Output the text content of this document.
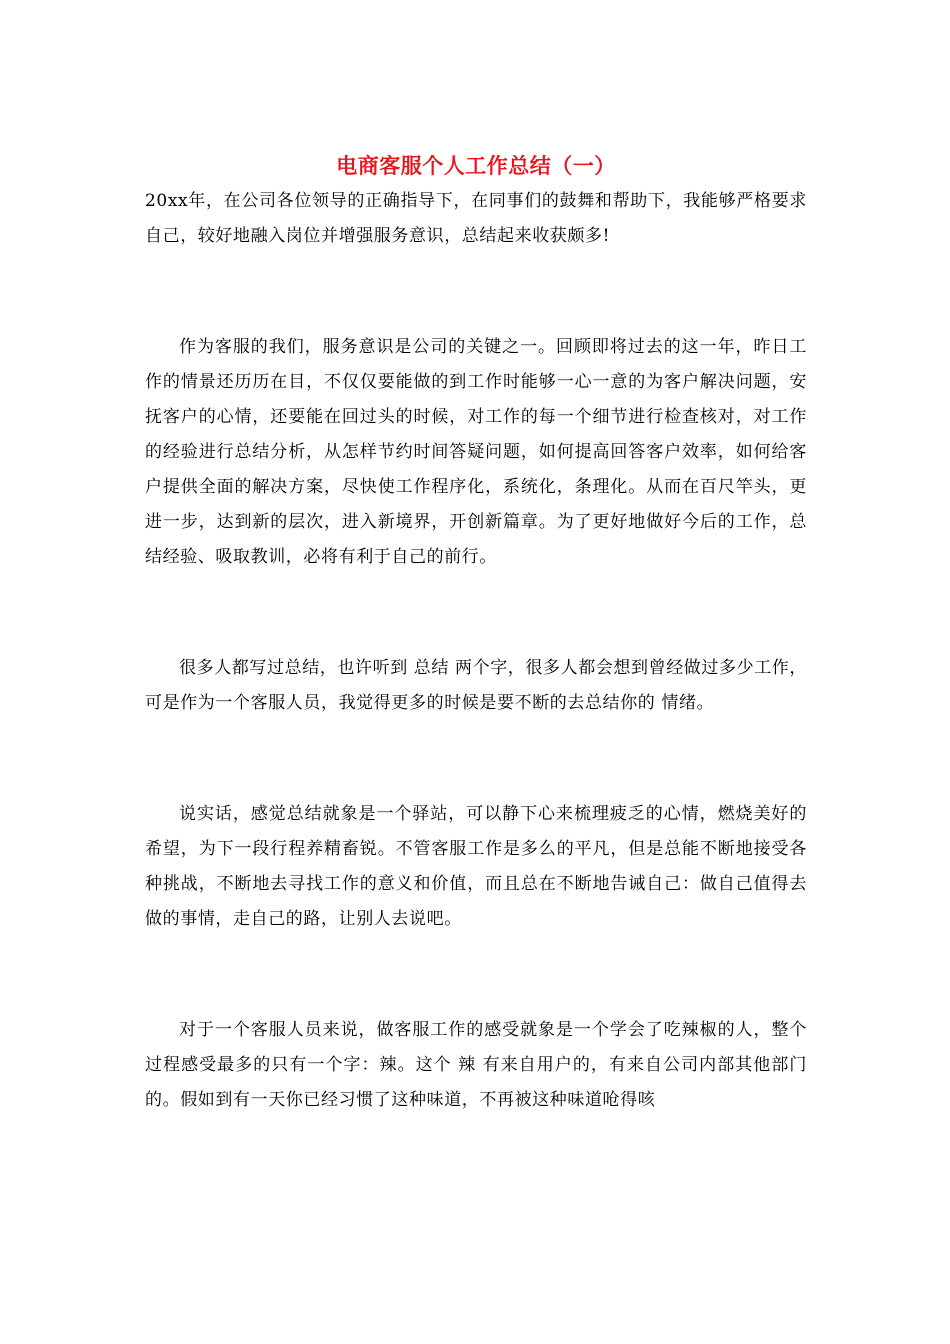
电商客服个人工作总结（一）

20xx年，在公司各位领导的正确指导下，在同事们的鼓舞和帮助下，我能够严格要求自己，较好地融入岗位并增强服务意识，总结起来收获颇多!

作为客服的我们，服务意识是公司的关键之一。回顾即将过去的这一年，昨日工作的情景还历历在目，不仅仅要能做的到工作时能够一心一意的为客户解决问题，安抚客户的心情，还要能在回过头的时候，对工作的每一个细节进行检查核对，对工作的经验进行总结分析，从怎样节约时间答疑问题，如何提高回答客户效率，如何给客户提供全面的解决方案，尽快使工作程序化，系统化，条理化。从而在百尺竿头，更进一步，达到新的层次，进入新境界，开创新篇章。为了更好地做好今后的工作，总结经验、吸取教训，必将有利于自己的前行。

很多人都写过总结，也许听到 总结 两个字，很多人都会想到曾经做过多少工作，可是作为一个客服人员，我觉得更多的时候是要不断的去总结你的 情绪。

说实话，感觉总结就象是一个驿站，可以静下心来梳理疲乏的心情，燃烧美好的希望，为下一段行程养精畜锐。不管客服工作是多么的平凡，但是总能不断地接受各种挑战，不断地去寻找工作的意义和价值，而且总在不断地告诫自己：做自己值得去做的事情，走自己的路，让别人去说吧。

对于一个客服人员来说，做客服工作的感受就象是一个学会了吃辣椒的人，整个过程感受最多的只有一个字：辣。这个 辣 有来自用户的，有来自公司内部其他部门的。假如到有一天你已经习惯了这种味道，不再被这种味道呛得咳
